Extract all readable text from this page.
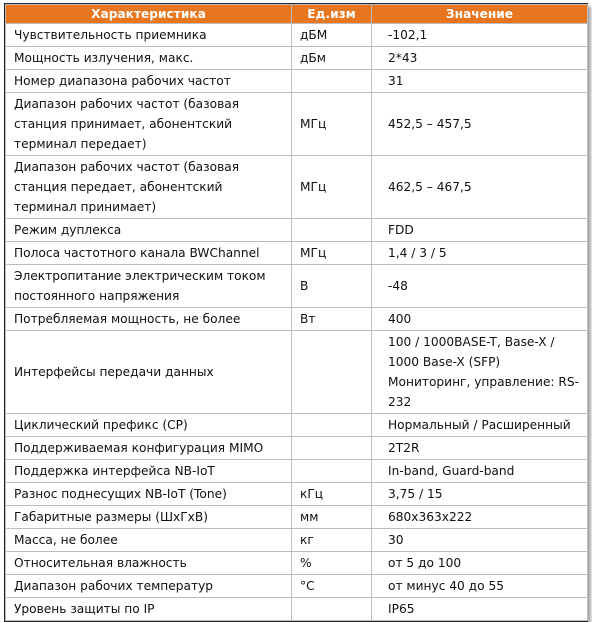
Характеристика	Ед.изм	Значение
Чувствительность приемника	дБМ	-102,1
Мощность излучения, макс.	дБм	2*43
Номер диапазона рабочих частот		31
Диапазон рабочих частот (базовая станция принимает, абонентский терминал передает)	МГц	452,5 – 457,5
Диапазон рабочих частот (базовая станция передает, абонентский терминал принимает)	МГц	462,5 – 467,5
Режим дуплекса		FDD
Полоса частотного канала BWChannel	МГц	1,4 / 3 / 5
Электропитание электрическим током постоянного напряжения	В	-48
Потребляемая мощность, не более	Вт	400
Интерфейсы передачи данных		100 / 1000BASE-T, Base-X / 1000 Base-X (SFP) Мониторинг, управление: RS-232
Циклический префикс (CP)		Нормальный / Расширенный
Поддерживаемая конфигурация MIMO		2T2R
Поддержка интерфейса NB-IoT		In-band, Guard-band
Разнос поднесущих NB-IoT (Tone)	кГц	3,75 / 15
Габаритные размеры (ШхГхВ)	мм	680х363х222
Масса, не более	кг	30
Относительная влажность	%	от 5 до 100
Диапазон рабочих температур	°C	от минус 40 до 55
Уровень защиты по IP		IP65
